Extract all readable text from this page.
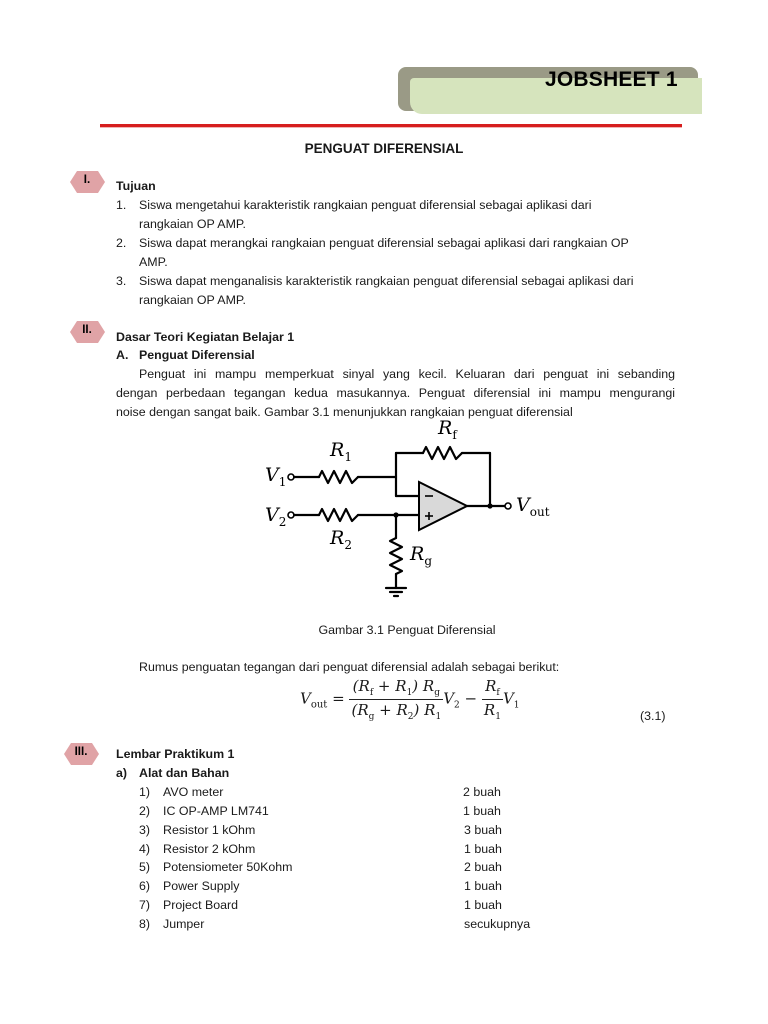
JOBSHEET 1
PENGUAT DIFERENSIAL
I.	Tujuan
1.	Siswa mengetahui karakteristik rangkaian penguat diferensial sebagai aplikasi dari
rangkaian OP AMP.
2.	Siswa dapat merangkai rangkaian penguat diferensial sebagai aplikasi dari rangkaian OP
AMP.
3.	Siswa dapat menganalisis karakteristik rangkaian penguat diferensial sebagai aplikasi dari
rangkaian OP AMP.
II.	Dasar Teori Kegiatan Belajar 1
A. Penguat Diferensial
Penguat ini mampu memperkuat sinyal yang kecil. Keluaran dari penguat ini sebanding
dengan perbedaan tegangan kedua masukannya. Penguat diferensial ini mampu mengurangi
noise dengan sangat baik. Gambar 3.1 menunjukkan rangkaian penguat diferensial
$V_1$
$V_2$
$R_1$
$R_2$
$R_f$
$R_g$
$V_{out}$
Gambar 3.1 Penguat Diferensial
Rumus penguatan tegangan dari penguat diferensial adalah sebagai berikut:
$V_{out} = \frac{(R_f + R_1) R_g}{(R_g + R_2) R_1} V_2 - \frac{R_f}{R_1} V_1$
(3.1)
III.	Lembar Praktikum 1
a) Alat dan Bahan
1) AVO meter	2 buah
2) IC OP-AMP LM741	1 buah
3) Resistor 1 kOhm	3 buah
4) Resistor 2 kOhm	1 buah
5) Potensiometer 50Kohm	2 buah
6) Power Supply	1 buah
7) Project Board	1 buah
8) Jumper	secukupnya
